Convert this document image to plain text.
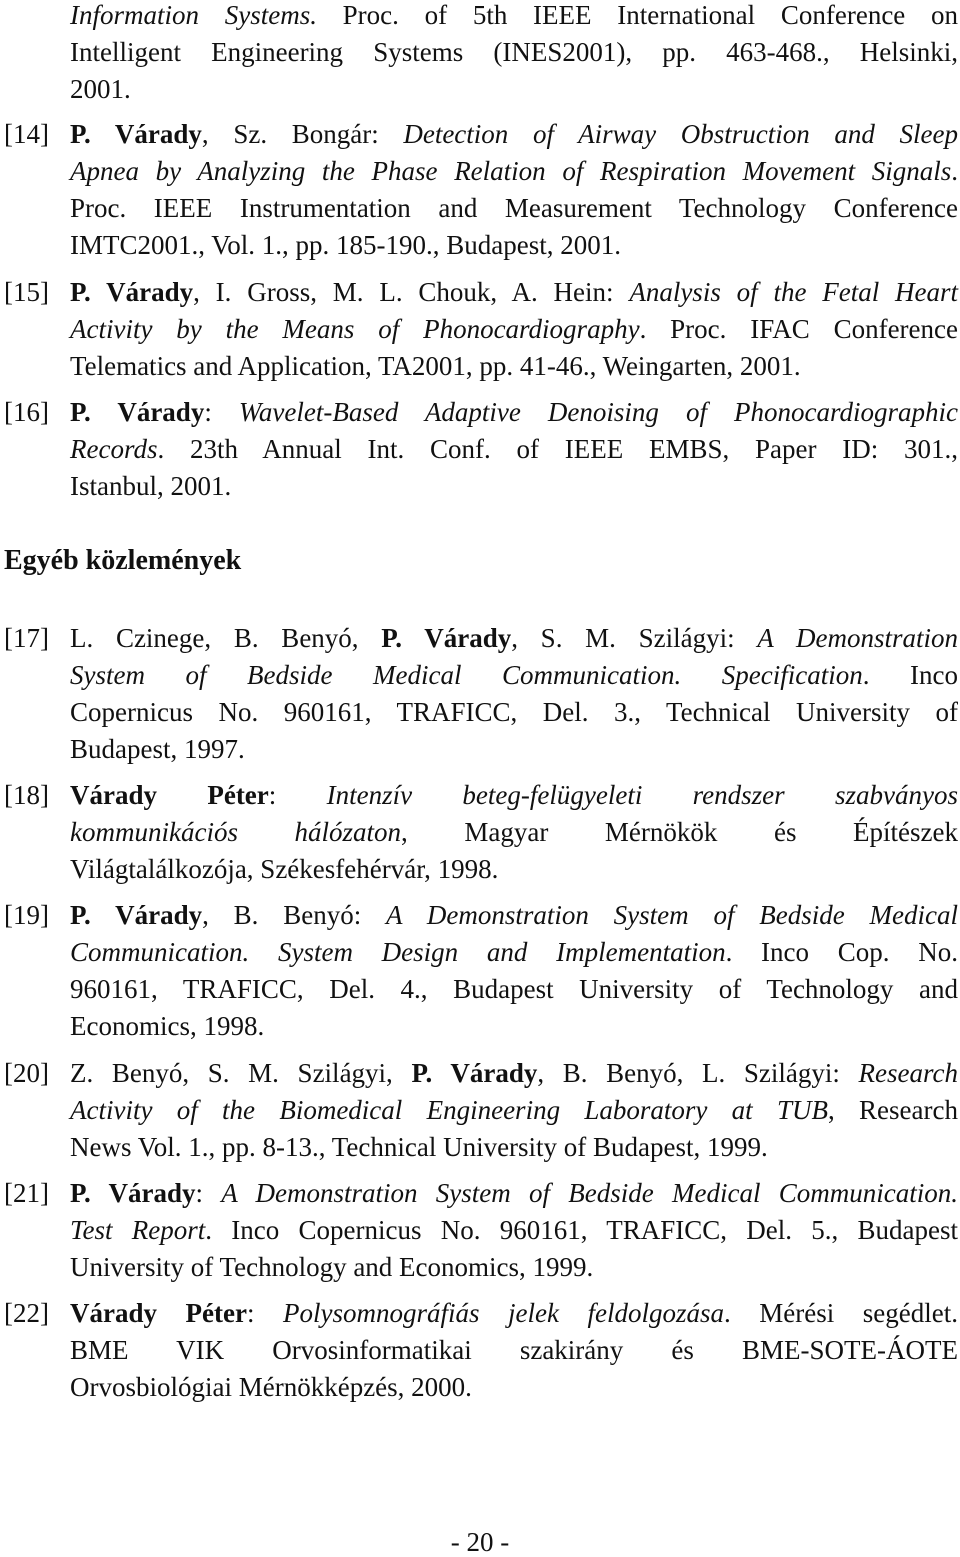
Information Systems. Proc. of 5th IEEE International Conference on
Intelligent Engineering Systems (INES2001), pp. 463-468., Helsinki,
2001.
[14] P. Várady, Sz. Bongár: Detection of Airway Obstruction and Sleep
Apnea by Analyzing the Phase Relation of Respiration Movement Signals.
Proc. IEEE Instrumentation and Measurement Technology Conference
IMTC2001., Vol. 1., pp. 185-190., Budapest, 2001.
[15] P. Várady, I. Gross, M. L. Chouk, A. Hein: Analysis of the Fetal Heart
Activity by the Means of Phonocardiography. Proc. IFAC Conference
Telematics and Application, TA2001, pp. 41-46., Weingarten, 2001.
[16] P. Várady: Wavelet-Based Adaptive Denoising of Phonocardiographic
Records. 23th Annual Int. Conf. of IEEE EMBS, Paper ID: 301.,
Istanbul, 2001.
Egyéb közlemények
[17] L. Czinege, B. Benyó, P. Várady, S. M. Szilágyi: A Demonstration
System of Bedside Medical Communication. Specification. Inco
Copernicus No. 960161, TRAFICC, Del. 3., Technical University of
Budapest, 1997.
[18] Várady Péter: Intenzív beteg-felügyeleti rendszer szabványos
kommunikációs hálózaton, Magyar Mérnökök és Építészek
Világtalálkozója, Székesfehérvár, 1998.
[19] P. Várady, B. Benyó: A Demonstration System of Bedside Medical
Communication. System Design and Implementation. Inco Cop. No.
960161, TRAFICC, Del. 4., Budapest University of Technology and
Economics, 1998.
[20] Z. Benyó, S. M. Szilágyi, P. Várady, B. Benyó, L. Szilágyi: Research
Activity of the Biomedical Engineering Laboratory at TUB, Research
News Vol. 1., pp. 8-13., Technical University of Budapest, 1999.
[21] P. Várady: A Demonstration System of Bedside Medical Communication.
Test Report. Inco Copernicus No. 960161, TRAFICC, Del. 5., Budapest
University of Technology and Economics, 1999.
[22] Várady Péter: Polysomnográfiás jelek feldolgozása. Mérési segédlet.
BME VIK Orvosinformatikai szakirány és BME-SOTE-ÁOTE
Orvosbiológiai Mérnökképzés, 2000.
- 20 -
